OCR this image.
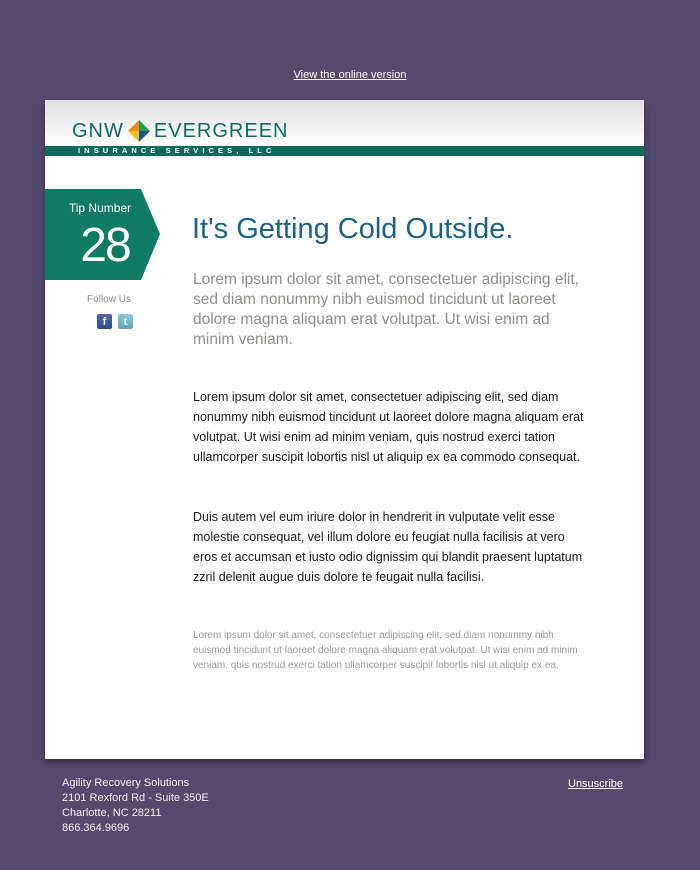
View the online version
GNW EVERGREEN
INSURANCE SERVICES, LLC
Tip Number
28
Follow Us
f	t
It's Getting Cold Outside.
Lorem ipsum dolor sit amet, consectetuer adipiscing elit, sed diam nonummy nibh euismod tincidunt ut laoreet dolore magna aliquam erat volutpat. Ut wisi enim ad minim veniam.
Lorem ipsum dolor sit amet, consectetuer adipiscing elit, sed diam nonummy nibh euismod tincidunt ut laoreet dolore magna aliquam erat volutpat. Ut wisi enim ad minim veniam, quis nostrud exerci tation ullamcorper suscipit lobortis nisl ut aliquip ex ea commodo consequat.
Duis autem vel eum iriure dolor in hendrerit in vulputate velit esse molestie consequat, vel illum dolore eu feugiat nulla facilisis at vero eros et accumsan et iusto odio dignissim qui blandit praesent luptatum zzril delenit augue duis dolore te feugait nulla facilisi.
Lorem ipsum dolor sit amet, consectetuer adipiscing elit, sed diam nonummy nibh euismod tincidunt ut laoreet dolore magna aliquam erat volutpat. Ut wisi enim ad minim veniam, quis nostrud exerci tation ullamcorper suscipit lobortis nisl ut aliquip ex ea.
Agility Recovery Solutions
2101 Rexford Rd - Suite 350E
Charlotte, NC 28211
866.364.9696
Unsuscribe
